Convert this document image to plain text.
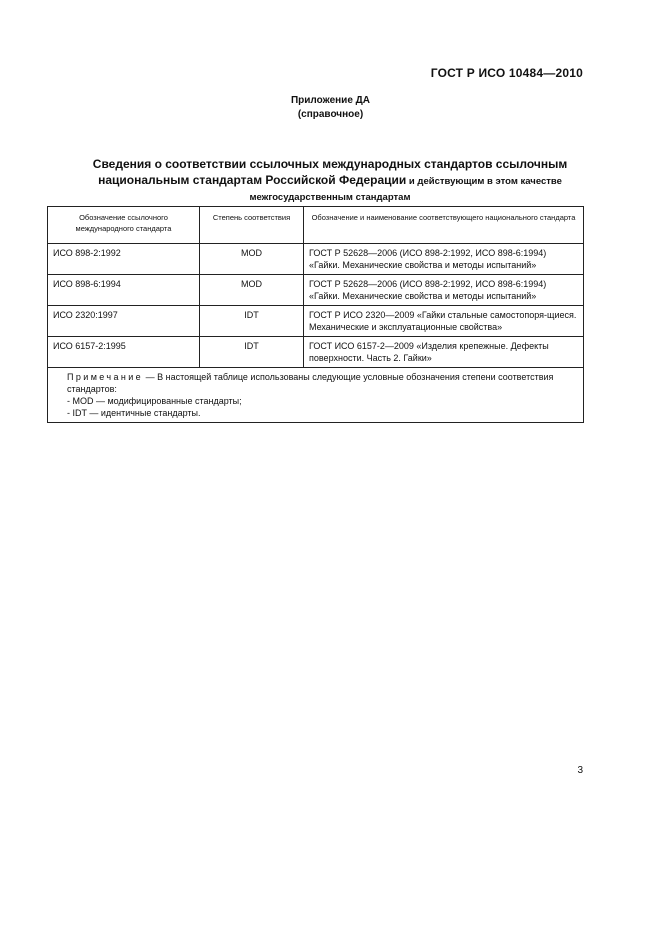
ГОСТ Р ИСО 10484—2010
Приложение ДА
(справочное)
Сведения о соответствии ссылочных международных стандартов ссылочным
национальным стандартам Российской Федерации и действующим в этом качестве
межгосударственным стандартам
Обозначение ссылочного международного стандарта	Степень соответствия	Обозначение и наименование соответствующего национального стандарта
ИСО 898-2:1992	MOD	ГОСТ Р 52628—2006 (ИСО 898-2:1992, ИСО 898-6:1994) «Гайки. Механические свойства и методы испытаний»
ИСО 898-6:1994	MOD	ГОСТ Р 52628—2006 (ИСО 898-2:1992, ИСО 898-6:1994) «Гайки. Механические свойства и методы испытаний»
ИСО 2320:1997	IDT	ГОСТ Р ИСО 2320—2009 «Гайки стальные самостопоря-щиеся. Механические и эксплуатационные свойства»
ИСО 6157-2:1995	IDT	ГОСТ ИСО 6157-2—2009 «Изделия крепежные. Дефекты поверхности. Часть 2. Гайки»

Примечание — В настоящей таблице использованы следующие условные обозначения степени соответствия стандартов:
- MOD — модифицированные стандарты;
- IDT — идентичные стандарты.		
3
